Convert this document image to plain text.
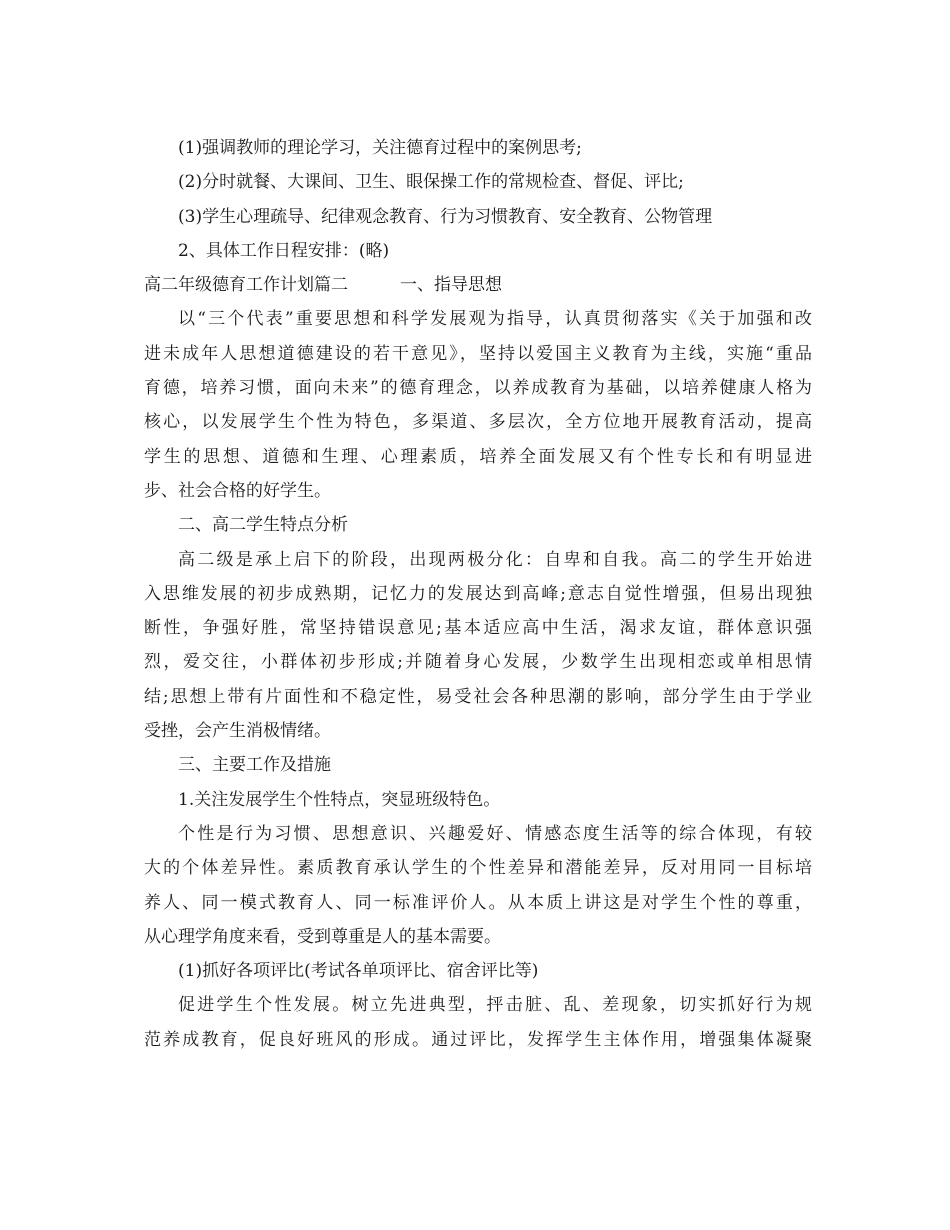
(1)强调教师的理论学习，关注德育过程中的案例思考;
(2)分时就餐、大课间、卫生、眼保操工作的常规检查、督促、评比;
(3)学生心理疏导、纪律观念教育、行为习惯教育、安全教育、公物管理
2、具体工作日程安排：(略)
高二年级德育工作计划篇二	一、指导思想
以“三个代表”重要思想和科学发展观为指导，认真贯彻落实《关于加强和改
进未成年人思想道德建设的若干意见》，坚持以爱国主义教育为主线，实施“重品
育德，培养习惯，面向未来”的德育理念，以养成教育为基础，以培养健康人格为
核心，以发展学生个性为特色，多渠道、多层次，全方位地开展教育活动，提高
学生的思想、道德和生理、心理素质，培养全面发展又有个性专长和有明显进
步、社会合格的好学生。
二、高二学生特点分析
高二级是承上启下的阶段，出现两极分化：自卑和自我。高二的学生开始进
入思维发展的初步成熟期，记忆力的发展达到高峰;意志自觉性增强，但易出现独
断性，争强好胜，常坚持错误意见;基本适应高中生活，渴求友谊，群体意识强
烈，爱交往，小群体初步形成;并随着身心发展，少数学生出现相恋或单相思情
结;思想上带有片面性和不稳定性，易受社会各种思潮的影响，部分学生由于学业
受挫，会产生消极情绪。
三、主要工作及措施
1.关注发展学生个性特点，突显班级特色。
个性是行为习惯、思想意识、兴趣爱好、情感态度生活等的综合体现，有较
大的个体差异性。素质教育承认学生的个性差异和潜能差异，反对用同一目标培
养人、同一模式教育人、同一标准评价人。从本质上讲这是对学生个性的尊重，
从心理学角度来看，受到尊重是人的基本需要。
(1)抓好各项评比(考试各单项评比、宿舍评比等)
促进学生个性发展。树立先进典型，抨击脏、乱、差现象，切实抓好行为规
范养成教育，促良好班风的形成。通过评比，发挥学生主体作用，增强集体凝聚
